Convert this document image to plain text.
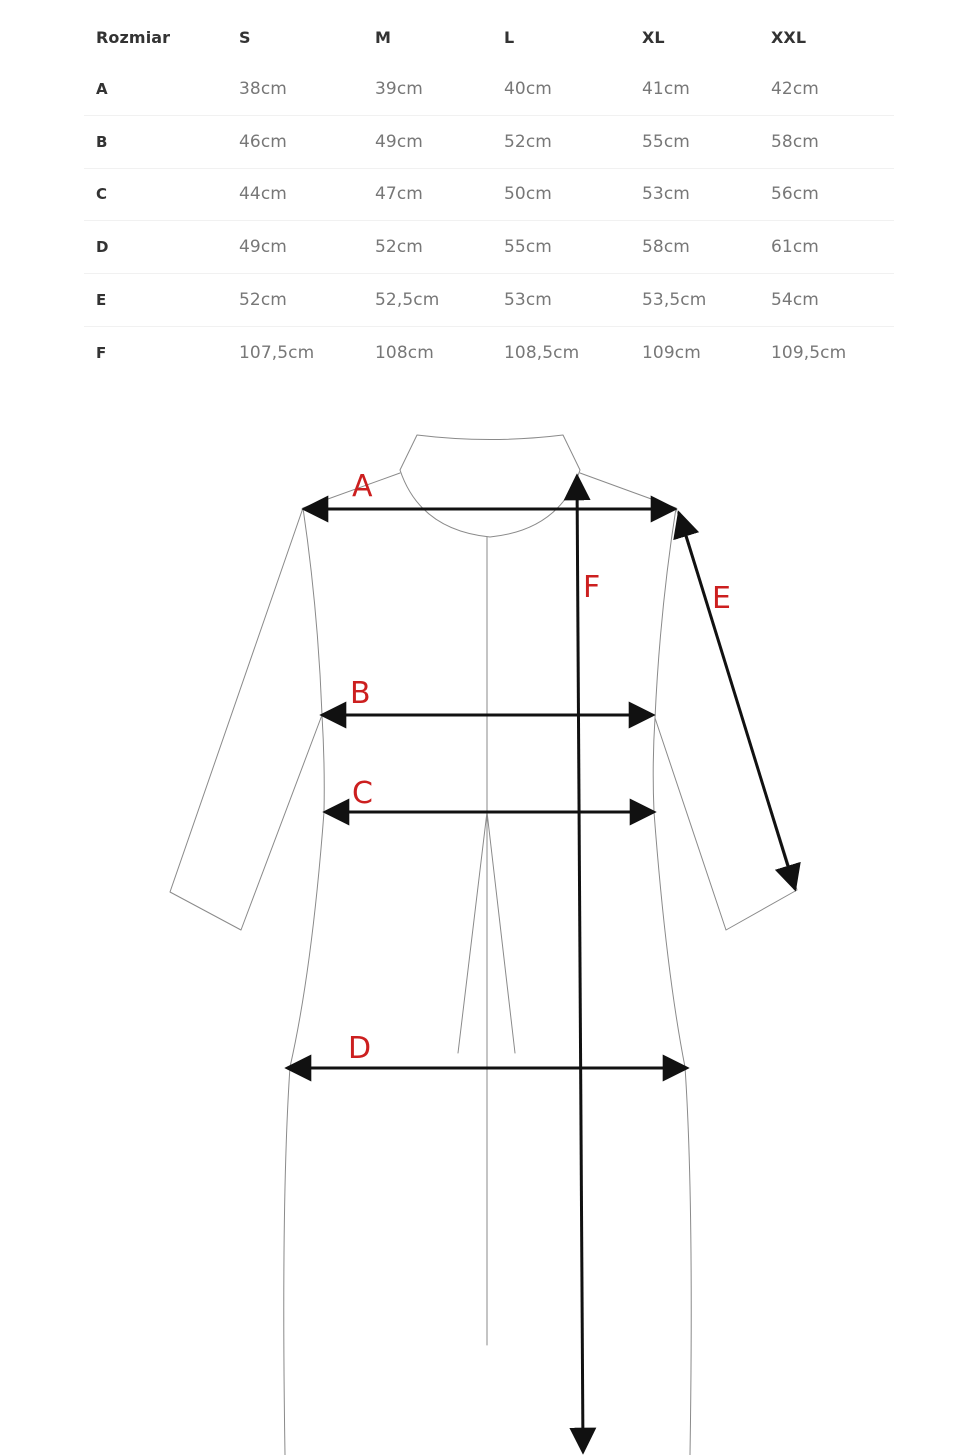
Rozmiar	S	M	L	XL	XXL
A	38cm	39cm	40cm	41cm	42cm
B	46cm	49cm	52cm	55cm	58cm
C	44cm	47cm	50cm	53cm	56cm
D	49cm	52cm	55cm	58cm	61cm
E	52cm	52,5cm	53cm	53,5cm	54cm
F	107,5cm	108cm	108,5cm	109cm	109,5cm
A
B
C
D
E
F
